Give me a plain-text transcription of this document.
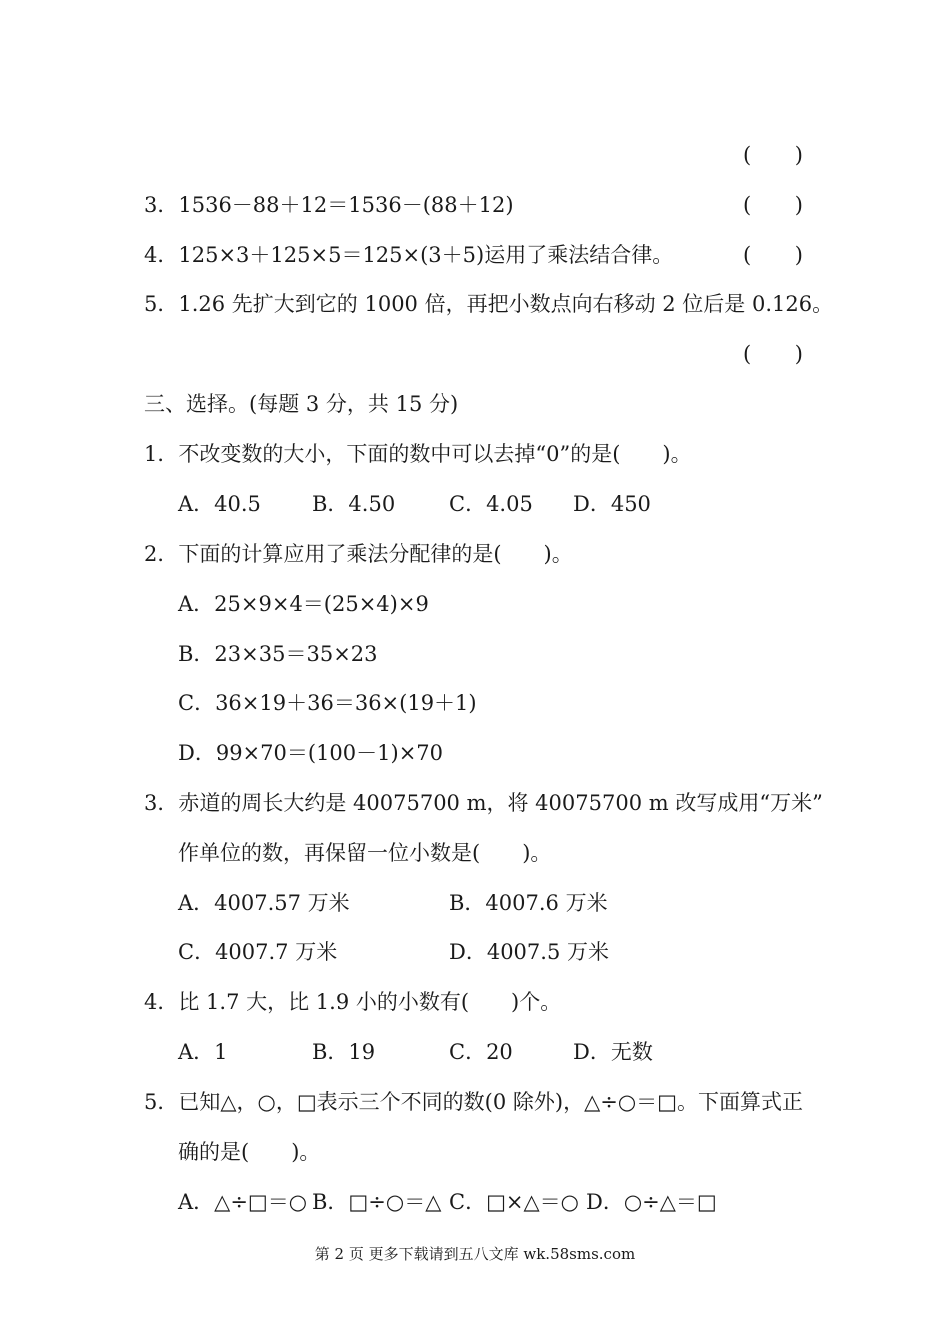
( )
3．1536－88＋12＝1536－(88＋12)	( )
4．125×3＋125×5＝125×(3＋5)运用了乘法结合律。	( )
5．1.26 先扩大到它的 1000 倍，再把小数点向右移动 2 位后是 0.126。
( )
三、选择。(每题 3 分，共 15 分)
1．不改变数的大小，下面的数中可以去掉“0”的是(　　)。
A．40.5 B．4.50	C．4.05 D．450
2．下面的计算应用了乘法分配律的是(　　)。
A．25×9×4＝(25×4)×9
B．23×35＝35×23
C．36×19＋36＝36×(19＋1)
D．99×70＝(100－1)×70
3．赤道的周长大约是 40075700 m，将 40075700 m 改写成用“万米”
作单位的数，再保留一位小数是(　　)。
A．4007.57 万米	B．4007.6 万米
C．4007.7 万米	D．4007.5 万米
4．比 1.7 大，比 1.9 小的小数有(　　)个。
A．1	B．19	C．20	D．无数
5．已知△，○，□表示三个不同的数(0 除外)，△÷○＝□。下面算式正
确的是(　　)。
A．△÷□＝○ B．□÷○＝△ C．□×△＝○ D．○÷△＝□
第 2 页 更多下载请到五八文库 wk.58sms.com
